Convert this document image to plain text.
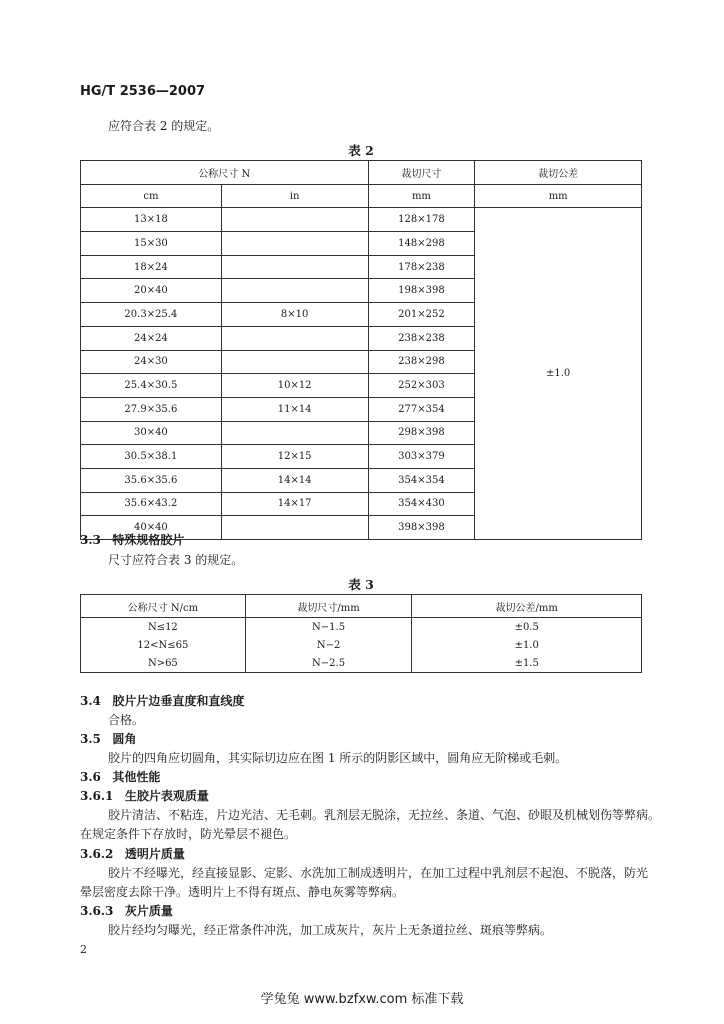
HG/T 2536—2007
应符合表 2 的规定。
表 2
公称尺寸 N		裁切尺寸	裁切公差
cm	in	mm	mm
13×18		128×178	±1.0
15×30		148×298	
18×24		178×238	
20×40		198×398	
20.3×25.4	8×10	201×252	
24×24		238×238	
24×30		238×298	
25.4×30.5	10×12	252×303	
27.9×35.6	11×14	277×354	
30×40		298×398	
30.5×38.1	12×15	303×379	
35.6×35.6	14×14	354×354	
35.6×43.2	14×17	354×430	
40×40		398×398	
3.3 特殊规格胶片
尺寸应符合表 3 的规定。
表 3
公称尺寸 N/cm	裁切尺寸/mm	裁切公差/mm
N≤12	N−1.5	±0.5
12<N≤65	N−2	±1.0
N>65	N−2.5	±1.5
3.4 胶片片边垂直度和直线度
合格。
3.5 圆角
胶片的四角应切圆角，其实际切边应在图 1 所示的阴影区域中，圆角应无阶梯或毛刺。
3.6 其他性能
3.6.1 生胶片表观质量
胶片清洁、不粘连，片边光洁、无毛刺。乳剂层无脱涂，无拉丝、条道、气泡、砂眼及机械划伤等弊病。
在规定条件下存放时，防光晕层不褪色。
3.6.2 透明片质量
胶片不经曝光，经直接显影、定影、水洗加工制成透明片，在加工过程中乳剂层不起泡、不脱落，防光
晕层密度去除干净。透明片上不得有斑点、静电灰雾等弊病。
3.6.3 灰片质量
胶片经均匀曝光，经正常条件冲洗，加工成灰片，灰片上无条道拉丝、斑痕等弊病。
2
学兔兔 www.bzfxw.com 标准下载
